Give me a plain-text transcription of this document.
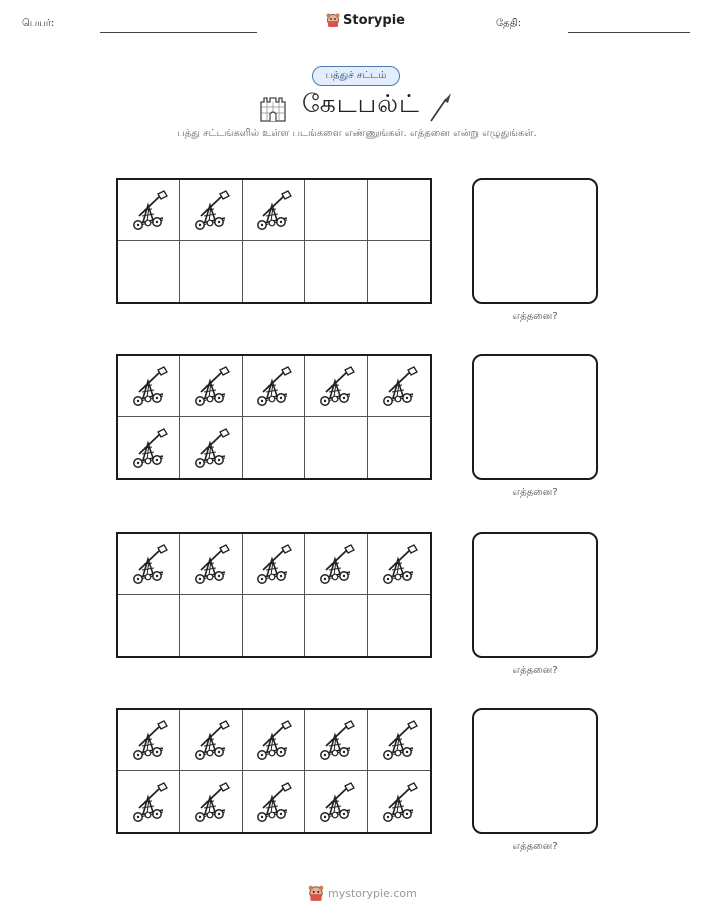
பெயர்:	Storypie	தேதி:
பத்துச் சட்டம்
கேடபல்ட்
பத்து சட்டங்களில் உள்ள படங்களை எண்ணுங்கள். எத்தனை என்று எழுதுங்கள்.
எத்தனை?
எத்தனை?
எத்தனை?
எத்தனை?
mystorypie.com
